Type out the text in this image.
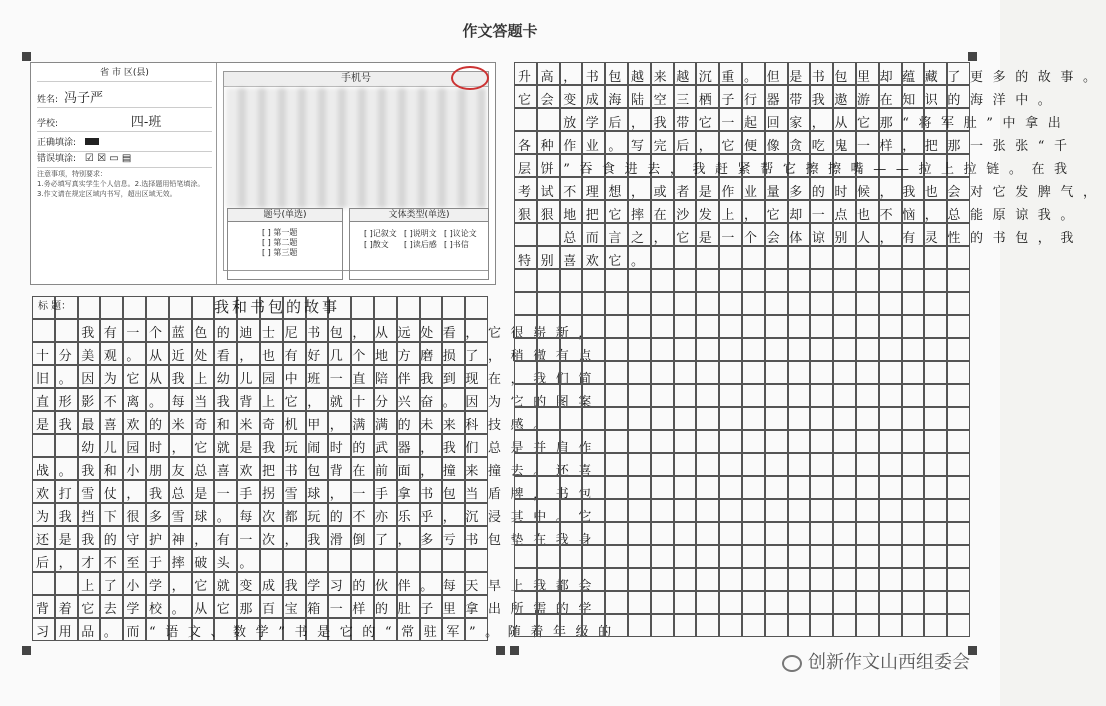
作文答题卡
省 市 区(县)
姓名: 冯子严
学校:	四-班
正确填涂:
错误填涂: ☑ ☒ ▭ ▤
注意事项，特别要求：
1.务必填写真实学生个人信息。2.选择题用铅笔填涂。3.作文请在规定区域内书写，超出区域无效。
手机号
题号(单选)
[ ] 第一题
[ ] 第二题
[ ] 第三题
文体类型(单选)
[ ]记叙文 [ ]说明文 [ ]议论文
[ ]散文	[ ]读后感 [ ]书信
标 题：	我和书包的故事
　　我有一个蓝色的迪士尼书包，从远处看，它很崭新，
十分美观。从近处看，也有好几个地方磨损了，稍微有点
旧。因为它从我上幼儿园中班一直陪伴我到现在，我们简
直形影不离。每当我背上它，就十分兴奋。因为它的图案
是我最喜欢的米奇和米奇机甲，满满的未来科技感。
　　幼儿园时，它就是我玩闹时的武器，我们总是并肩作
战。我和小朋友总喜欢把书包背在前面，撞来撞去。还喜
欢打雪仗，我总是一手拐雪球，一手拿书包当盾牌，书包
为我挡下很多雪球。每次都玩的不亦乐乎，沉浸其中。它
还是我的守护神，有一次，我滑倒了，多亏书包垫在我身
后，才不至于摔破头。
　　上了小学，它就变成我学习的伙伴。每天早上我都会
背着它去学校。从它那百宝箱一样的肚子里拿出所需的学
习用品。而“语文、数学”书是它的“常驻军”。随着年级的
升高，书包越来越沉重。但是书包里却蕴藏了更多的故事。
它会变成海陆空三栖子行器带我遨游在知识的海洋中。
　　放学后，我带它一起回家，从它那“将军肚”中拿出
各种作业。写完后，它便像贪吃鬼一样，把那一张张“千
层饼”吞食进去，我赶紧帮它擦擦嘴——拉上拉链。在我
考试不理想，或者是作业量多的时候，我也会对它发脾气，
狠狠地把它摔在沙发上，它却一点也不恼，总能原谅我。
　　总而言之，它是一个会体谅别人，有灵性的书包，我
特别喜欢它。
创新作文山西组委会
